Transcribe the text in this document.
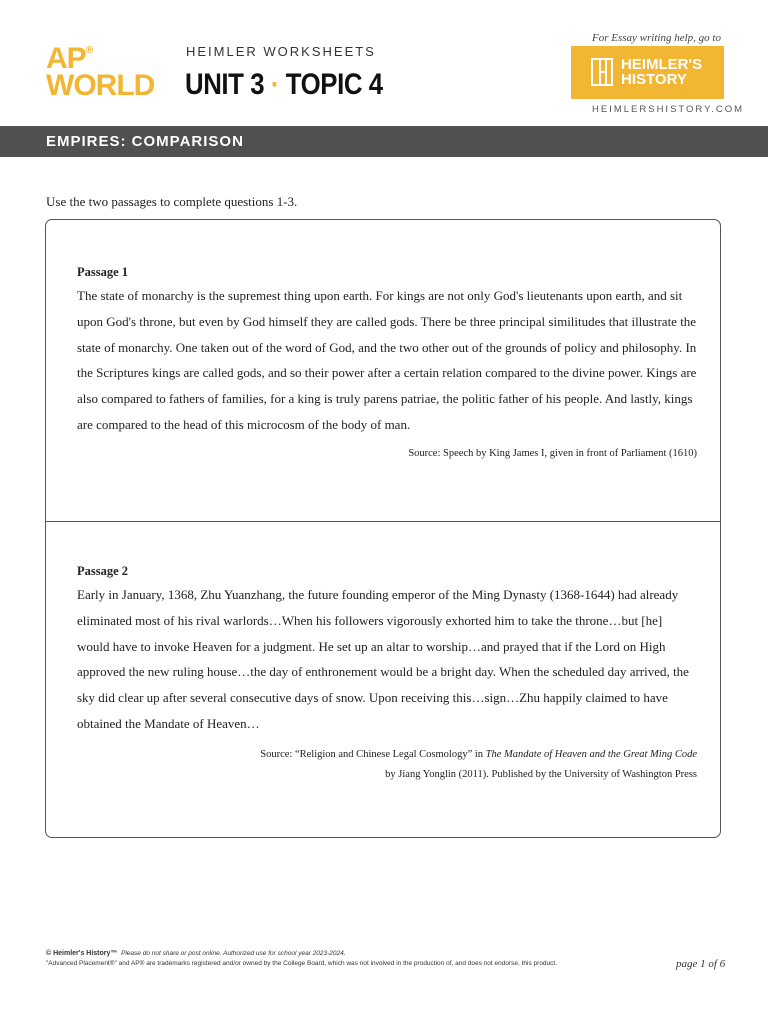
AP®
WORLD
HEIMLER WORKSHEETS
UNIT 3 · TOPIC 4
For Essay writing help, go to
HEIMLER'S HISTORY
HEIMLERSHISTORY.COM
EMPIRES: COMPARISON
Use the two passages to complete questions 1-3.
Passage 1
The state of monarchy is the supremest thing upon earth. For kings are not only God's lieutenants upon earth, and sit upon God's throne, but even by God himself they are called gods. There be three principal similitudes that illustrate the state of monarchy. One taken out of the word of God, and the two other out of the grounds of policy and philosophy. In the Scriptures kings are called gods, and so their power after a certain relation compared to the divine power. Kings are also compared to fathers of families, for a king is truly parens patriae, the politic father of his people. And lastly, kings are compared to the head of this microcosm of the body of man.
Source: Speech by King James I, given in front of Parliament (1610)
Passage 2
Early in January, 1368, Zhu Yuanzhang, the future founding emperor of the Ming Dynasty (1368-1644) had already eliminated most of his rival warlords…When his followers vigorously exhorted him to take the throne…but [he] would have to invoke Heaven for a judgment. He set up an altar to worship…and prayed that if the Lord on High approved the new ruling house…the day of enthronement would be a bright day. When the scheduled day arrived, the sky did clear up after several consecutive days of snow. Upon receiving this…sign…Zhu happily claimed to have obtained the Mandate of Heaven…
Source: “Religion and Chinese Legal Cosmology” in The Mandate of Heaven and the Great Ming Code
by Jiang Yonglin (2011). Published by the University of Washington Press
© Heimler's History™ Please do not share or post online. Authorized use for school year 2023-2024.
"Advanced Placement®" and AP® are trademarks registered and/or owned by the College Board, which was not involved in the production of, and does not endorse, this product.	page 1 of 6
